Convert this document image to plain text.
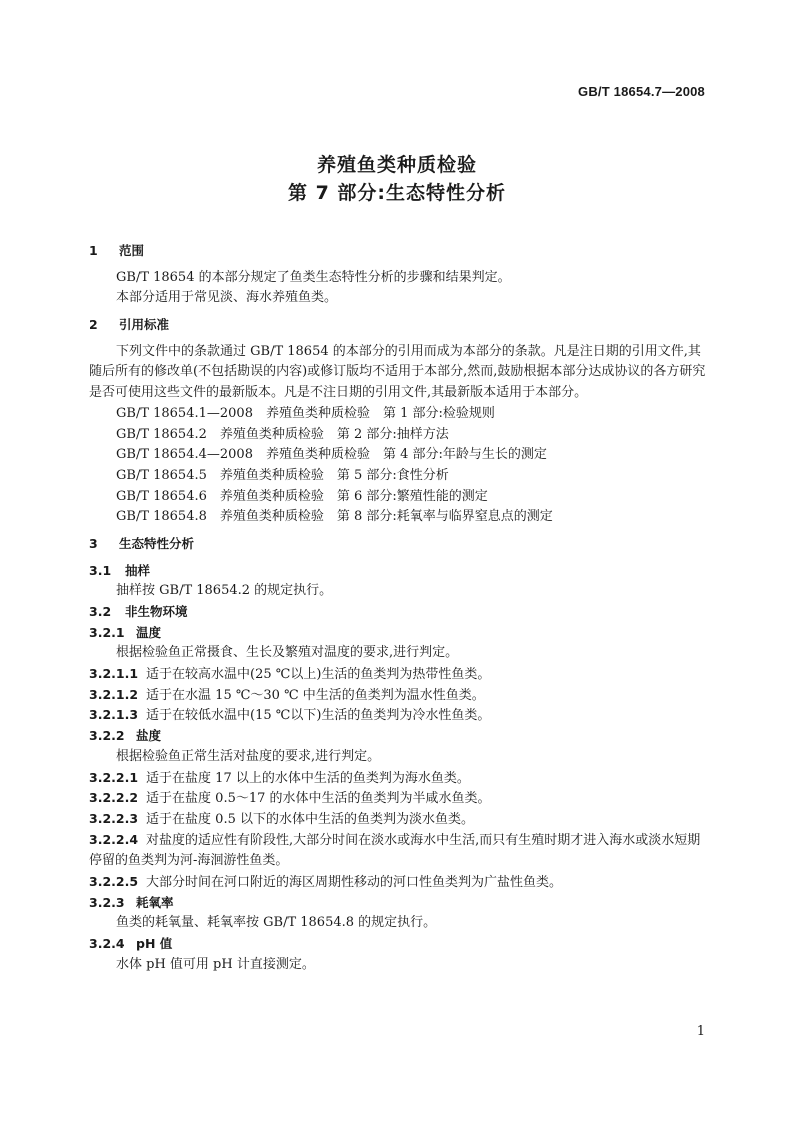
GB/T 18654.7—2008
养殖鱼类种质检验
第 7 部分:生态特性分析
1 范围
GB/T 18654 的本部分规定了鱼类生态特性分析的步骤和结果判定。
本部分适用于常见淡、海水养殖鱼类。
2 引用标准
下列文件中的条款通过 GB/T 18654 的本部分的引用而成为本部分的条款。凡是注日期的引用文件,其随后所有的修改单(不包括勘误的内容)或修订版均不适用于本部分,然而,鼓励根据本部分达成协议的各方研究是否可使用这些文件的最新版本。凡是不注日期的引用文件,其最新版本适用于本部分。
GB/T 18654.1—2008　养殖鱼类种质检验　第 1 部分:检验规则
GB/T 18654.2　养殖鱼类种质检验　第 2 部分:抽样方法
GB/T 18654.4—2008　养殖鱼类种质检验　第 4 部分:年龄与生长的测定
GB/T 18654.5　养殖鱼类种质检验　第 5 部分:食性分析
GB/T 18654.6　养殖鱼类种质检验　第 6 部分:繁殖性能的测定
GB/T 18654.8　养殖鱼类种质检验　第 8 部分:耗氧率与临界窒息点的测定
3 生态特性分析
3.1 抽样
抽样按 GB/T 18654.2 的规定执行。
3.2 非生物环境
3.2.1 温度
根据检验鱼正常摄食、生长及繁殖对温度的要求,进行判定。
3.2.1.1 适于在较高水温中(25 ℃以上)生活的鱼类判为热带性鱼类。
3.2.1.2 适于在水温 15 ℃～30 ℃ 中生活的鱼类判为温水性鱼类。
3.2.1.3 适于在较低水温中(15 ℃以下)生活的鱼类判为冷水性鱼类。
3.2.2 盐度
根据检验鱼正常生活对盐度的要求,进行判定。
3.2.2.1 适于在盐度 17 以上的水体中生活的鱼类判为海水鱼类。
3.2.2.2 适于在盐度 0.5～17 的水体中生活的鱼类判为半咸水鱼类。
3.2.2.3 适于在盐度 0.5 以下的水体中生活的鱼类判为淡水鱼类。
3.2.2.4 对盐度的适应性有阶段性,大部分时间在淡水或海水中生活,而只有生殖时期才进入海水或淡水短期停留的鱼类判为河-海洄游性鱼类。
3.2.2.5 大部分时间在河口附近的海区周期性移动的河口性鱼类判为广盐性鱼类。
3.2.3 耗氧率
鱼类的耗氧量、耗氧率按 GB/T 18654.8 的规定执行。
3.2.4 pH 值
水体 pH 值可用 pH 计直接测定。
1
